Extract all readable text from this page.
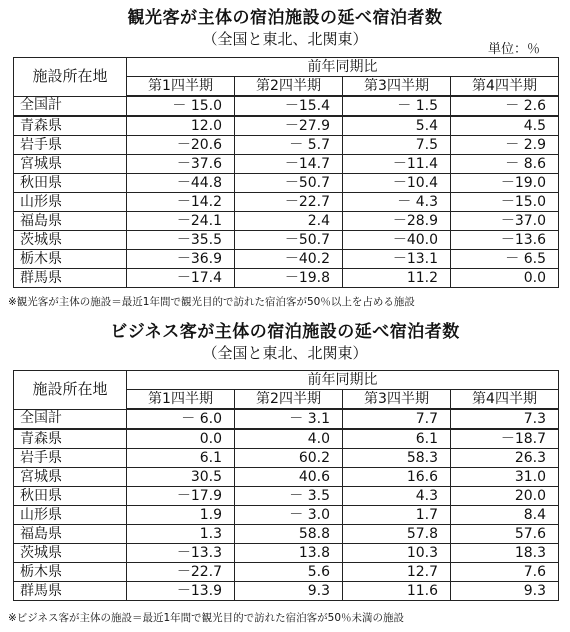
観光客が主体の宿泊施設の延べ宿泊者数
（全国と東北、北関東）
単位：％
施設所在地	前年同期比			
	第1四半期	第2四半期	第3四半期	第4四半期
全国計	－ 15.0	－15.4	－ 1.5	－ 2.6
青森県	12.0	－27.9	5.4	4.5
岩手県	－20.6	－ 5.7	7.5	－ 2.9
宮城県	－37.6	－14.7	－11.4	－ 8.6
秋田県	－44.8	－50.7	－10.4	－19.0
山形県	－14.2	－22.7	－ 4.3	－15.0
福島県	－24.1	2.4	－28.9	－37.0
茨城県	－35.5	－50.7	－40.0	－13.6
栃木県	－36.9	－40.2	－13.1	－ 6.5
群馬県	－17.4	－19.8	11.2	0.0
※観光客が主体の施設＝最近1年間で観光目的で訪れた宿泊客が50％以上を占める施設
ビジネス客が主体の宿泊施設の延べ宿泊者数
（全国と東北、北関東）
施設所在地	前年同期比			
	第1四半期	第2四半期	第3四半期	第4四半期
全国計	－ 6.0	－ 3.1	7.7	7.3
青森県	0.0	4.0	6.1	－18.7
岩手県	6.1	60.2	58.3	26.3
宮城県	30.5	40.6	16.6	31.0
秋田県	－17.9	－ 3.5	4.3	20.0
山形県	1.9	－ 3.0	1.7	8.4
福島県	1.3	58.8	57.8	57.6
茨城県	－13.3	13.8	10.3	18.3
栃木県	－22.7	5.6	12.7	7.6
群馬県	－13.9	9.3	11.6	9.3
※ビジネス客が主体の施設＝最近1年間で観光目的で訪れた宿泊客が50％未満の施設
